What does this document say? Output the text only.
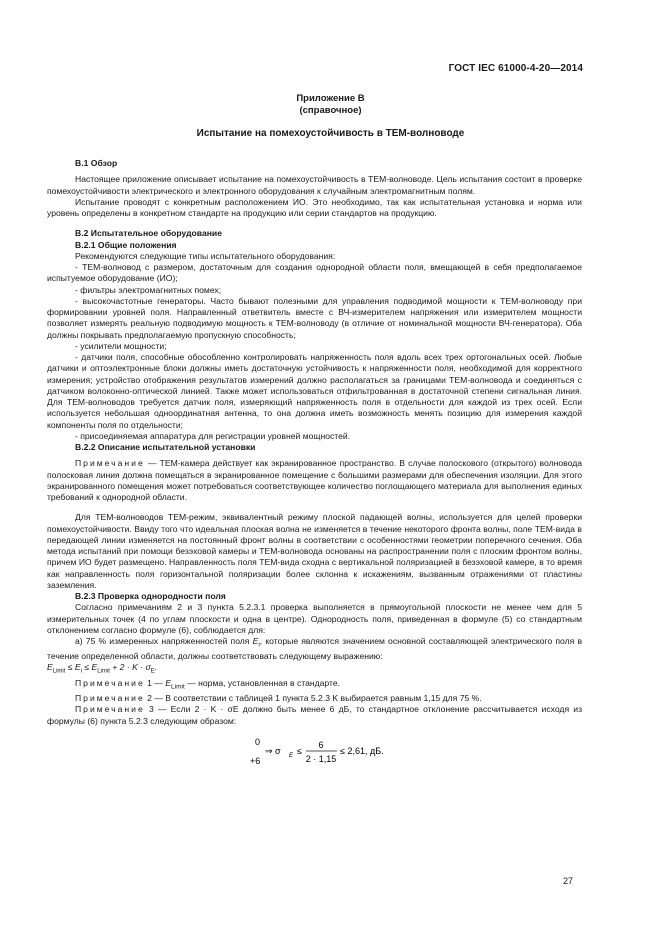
ГОСТ IEC 61000-4-20—2014
Приложение В
(справочное)
Испытание на помехоустойчивость в ТЕМ-волноводе

В.1 Обзор

Настоящее приложение описывает испытание на помехоустойчивость в ТЕМ-волноводе. Цель испытания состоит в проверке помехоустойчивости электрического и электронного оборудования к случайным электромагнитным полям.

Испытание проводят с конкретным расположением ИО. Это необходимо, так как испытательная установка и норма или уровень определены в конкретном стандарте на продукцию или серии стандартов на продукцию.

В.2 Испытательное оборудование

В.2.1 Общие положения

Рекомендуются следующие типы испытательного оборудования:

- ТЕМ-волновод с размером, достаточным для создания однородной области поля, вмещающей в себя предполагаемое испытуемое оборудование (ИО);

- фильтры электромагнитных помех;

- высокочастотные генераторы. Часто бывают полезными для управления подводимой мощности к ТЕМ-волноводу при формировании уровней поля. Направленный ответвитель вместе с ВЧ-измерителем напряжения или измерителем мощности позволяет измерять реальную подводимую мощность к ТЕМ-волноводу (в отличие от номинальной мощности ВЧ-генератора). Оба должны покрывать предполагаемую пропускную способность;

- усилители мощности;

- датчики поля, способные обособленно контролировать напряженность поля вдоль всех трех ортогональных осей. Любые датчики и оптоэлектронные блоки должны иметь достаточную устойчивость к напряженности поля, необходимой для корректного измерения; устройство отображения результатов измерений должно располагаться за границами ТЕМ-волновода и соединяться с датчиком волоконно-оптической линией. Также может использоваться отфильтрованная в достаточной степени сигнальная линия. Для ТЕМ-волноводов требуется датчик поля, измеряющий напряженность поля в отдельности для каждой из трех осей. Если используется небольшая одноординатная антенна, то она должна иметь возможность менять позицию для измерения каждой компоненты поля по отдельности;

- присоединяемая аппаратура для регистрации уровней мощностей.

В.2.2 Описание испытательной установки

Примечание — ТЕМ-камера действует как экранированное пространство. В случае полоскового (открытого) волновода полосковая линия должна помещаться в экранированное помещение с большими размерами для обеспечения изоляции. Для этого экранированного помещения может потребоваться соответствующее количество поглощающего материала для выполнения единых требований к однородной области.

Для ТЕМ-волноводов ТЕМ-режим, эквивалентный режиму плоской падающей волны, используется для целей проверки помехоустойчивости. Ввиду того что идеальная плоская волна не изменяется в течение некоторого фронта волны, поле ТЕМ-вида в передающей линии изменяется на постоянный фронт волны в соответствии с особенностями геометрии поперечного сечения. Оба метода испытаний при помощи безэховой камеры и ТЕМ-волновода основаны на распространении поля с плоским фронтом волны, причем ИО будет размещено. Направленность поля ТЕМ-вида сходна с вертикальной поляризацией в безэховой камере, в то время как направленность поля горизонтальной поляризации более склонна к искажениям, вызванным отражениями от пластины заземления.

В.2.3 Проверка однородности поля

Согласно примечаниям 2 и 3 пункта 5.2.3.1 проверка выполняется в прямоугольной плоскости не менее чем для 5 измерительных точек (4 по углам плоскости и одна в центре). Однородность поля, приведенная в формуле (5) со стандартным отклонением согласно формуле (6), соблюдается для:

а) 75 % измеренных напряженностей поля $E_i$, которые являются значением основной составляющей электрического поля в течение определенной области, должны соответствовать следующему выражению:

$E_{Limit} \le E_i \le E_{Limit} + 2 \cdot K \cdot \sigma_E$.

Примечание 1 — $E_{Limit}$ — норма, установленная в стандарте.

Примечание 2 — В соответствии с таблицей 1 пункта 5.2.3 K выбирается равным 1,15 для 75 %.

Примечание 3 — Если 2 · K · σE должно быть менее 6 дБ, то стандартное отклонение рассчитывается исходя из формулы (6) пункта 5.2.3 следующим образом:

0
+6
⇒ σ E ≤
6
2 · 1,15
≤ 2,61, дБ.
27
